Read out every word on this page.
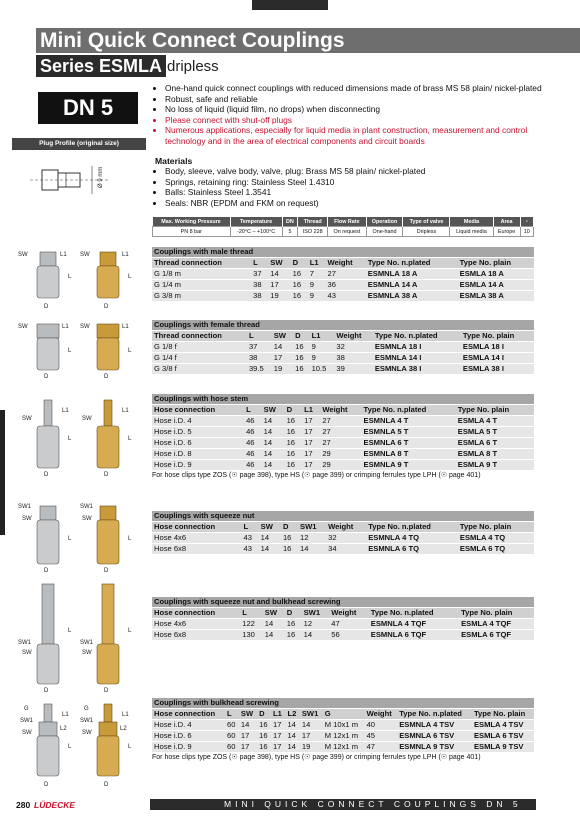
Mini Quick Connect Couplings
Series ESMLA dripless
DN 5
Plug Profile (original size)
Ø 9 mm
• One-hand quick connect couplings with reduced dimensions made of brass MS 58 plain/ nickel-plated
• Robust, safe and reliable
• No loss of liquid (liquid film, no drops) when disconnecting
• Please connect with shut-off plugs
• Numerous applications, especially for liquid media in plant construction, measurement and control technology and in the area of electrical components and circuit boards
Materials
• Body, sleeve, valve body, valve, plug: Brass MS 58 plain/ nickel-plated
• Springs, retaining ring: Stainless Steel 1.4310
• Balls: Stainless Steel 1.3541
• Seals: NBR (EPDM and FKM on request)
Max. Working Pressure	Temperature	DN	Thread	Flow Rate	Operation	Type of valve	Media	Area	▫
PN 8 bar	-20°C – +100°C	5	ISO 228	On request	One-hand	Dripless	Liquid media	Europe	10
Couplings with male thread
Thread connection	L	SW	D	L1	Weight	Type No. n.plated	Type No. plain
G 1/8 m	37	14	16	7	27	ESMNLA 18 A	ESMLA 18 A
G 1/4 m	38	17	16	9	36	ESMNLA 14 A	ESMLA 14 A
G 3/8 m	38	19	16	9	43	ESMNLA 38 A	ESMLA 38 A
Couplings with female thread
Thread connection	L	SW	D	L1	Weight	Type No. n.plated	Type No. plain
G 1/8 f	37	14	16	9	32	ESMNLA 18 I	ESMLA 18 I
G 1/4 f	38	17	16	9	38	ESMNLA 14 I	ESMLA 14 I
G 3/8 f	39.5	19	16	10.5	39	ESMNLA 38 I	ESMLA 38 I
Couplings with hose stem
Hose connection	L	SW	D	L1	Weight	Type No. n.plated	Type No. plain
Hose i.D. 4	46	14	16	17	27	ESMNLA 4 T	ESMLA 4 T
Hose i.D. 5	46	14	16	17	27	ESMNLA 5 T	ESMLA 5 T
Hose i.D. 6	46	14	16	17	27	ESMNLA 6 T	ESMLA 6 T
Hose i.D. 8	46	14	16	17	29	ESMNLA 8 T	ESMLA 8 T
Hose i.D. 9	46	14	16	17	29	ESMNLA 9 T	ESMLA 9 T
For hose clips type ZOS (☉ page 398), type HS (☉ page 399) or crimping ferrules type LPH (☉ page 401)
Couplings with squeeze nut
Hose connection	L	SW	D	SW1	Weight	Type No. n.plated	Type No. plain
Hose 4x6	43	14	16	12	32	ESMNLA 4 TQ	ESMLA 4 TQ
Hose 6x8	43	14	16	14	34	ESMNLA 6 TQ	ESMLA 6 TQ
Couplings with squeeze nut and bulkhead screwing
Hose connection	L	SW	D	SW1	Weight	Type No. n.plated	Type No. plain
Hose 4x6	122	14	16	12	47	ESMNLA 4 TQF	ESMLA 4 TQF
Hose 6x8	130	14	16	14	56	ESMNLA 6 TQF	ESMLA 6 TQF
Couplings with bulkhead screwing
Hose connection	L	SW	D	L1	L2	SW1	G	Weight	Type No. n.plated	Type No. plain
Hose i.D. 4	60	14	16	17	14	14	M 10x1 m	40	ESMNLA 4 TSV	ESMLA 4 TSV
Hose i.D. 6	60	17	16	17	14	17	M 12x1 m	45	ESMNLA 6 TSV	ESMLA 6 TSV
Hose i.D. 9	60	17	16	17	14	19	M 12x1 m	47	ESMNLA 9 TSV	ESMLA 9 TSV
For hose clips type ZOS (☉ page 398), type HS (☉ page 399) or crimping ferrules type LPH (☉ page 401)
SW	L1
L
D
SW	L1
L
D
SW	L1
L
D
SW	L1
L
D
L1
SW
L
D
L1
SW
L
D
SW1
SW
L
D
SW1
SW
L
D
L
SW1
SW
D
L
SW1
SW
D
G
SW1
SW
L1
L2
L
D
G
SW1
SW
L1
L2
L
D
280 LÜDECKE	MINI QUICK CONNECT COUPLINGS DN 5
